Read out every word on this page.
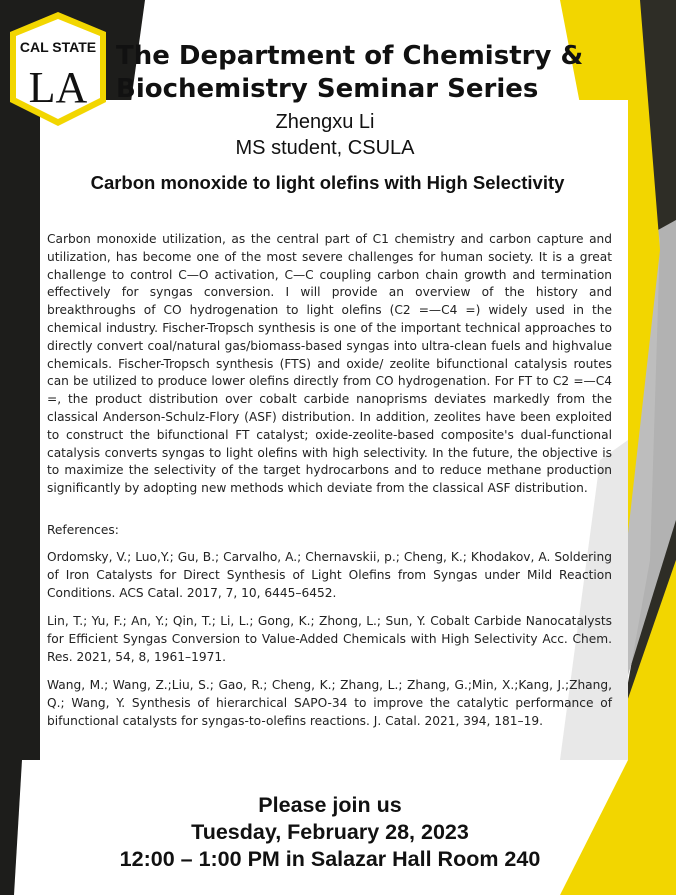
CAL STATE
LA
The Department of Chemistry &
Biochemistry Seminar Series
Zhengxu Li
MS student, CSULA
Carbon monoxide to light olefins with High Selectivity

Carbon monoxide utilization, as the central part of C1 chemistry and carbon capture and utilization, has become one of the most severe challenges for human society. It is a great challenge to control C—O activation, C—C coupling carbon chain growth and termination effectively for syngas conversion. I will provide an overview of the history and breakthroughs of CO hydrogenation to light olefins (C2 =—C4 =) widely used in the chemical industry. Fischer-Tropsch synthesis is one of the important technical approaches to directly convert coal/natural gas/biomass-based syngas into ultra-clean fuels and highvalue chemicals. Fischer-Tropsch synthesis (FTS) and oxide/ zeolite bifunctional catalysis routes can be utilized to produce lower olefins directly from CO hydrogenation. For FT to C2 =—C4 =, the product distribution over cobalt carbide nanoprisms deviates markedly from the classical Anderson-Schulz-Flory (ASF) distribution. In addition, zeolites have been exploited to construct the bifunctional FT catalyst; oxide-zeolite-based composite's dual-functional catalysis converts syngas to light olefins with high selectivity. In the future, the objective is to maximize the selectivity of the target hydrocarbons and to reduce methane production significantly by adopting new methods which deviate from the classical ASF distribution.

References:

Ordomsky, V.; Luo,Y.; Gu, B.; Carvalho, A.; Chernavskii, p.; Cheng, K.; Khodakov, A. Soldering of Iron Catalysts for Direct Synthesis of Light Olefins from Syngas under Mild Reaction Conditions. ACS Catal. 2017, 7, 10, 6445–6452.

Lin, T.; Yu, F.; An, Y.; Qin, T.; Li, L.; Gong, K.; Zhong, L.; Sun, Y. Cobalt Carbide Nanocatalysts for Efficient Syngas Conversion to Value-Added Chemicals with High Selectivity Acc. Chem. Res. 2021, 54, 8, 1961–1971.

Wang, M.; Wang, Z.;Liu, S.; Gao, R.; Cheng, K.; Zhang, L.; Zhang, G.;Min, X.;Kang, J.;Zhang, Q.; Wang, Y. Synthesis of hierarchical SAPO-34 to improve the catalytic performance of bifunctional catalysts for syngas-to-olefins reactions. J. Catal. 2021, 394, 181–19.

Please join us
Tuesday, February 28, 2023
12:00 – 1:00 PM in Salazar Hall Room 240
